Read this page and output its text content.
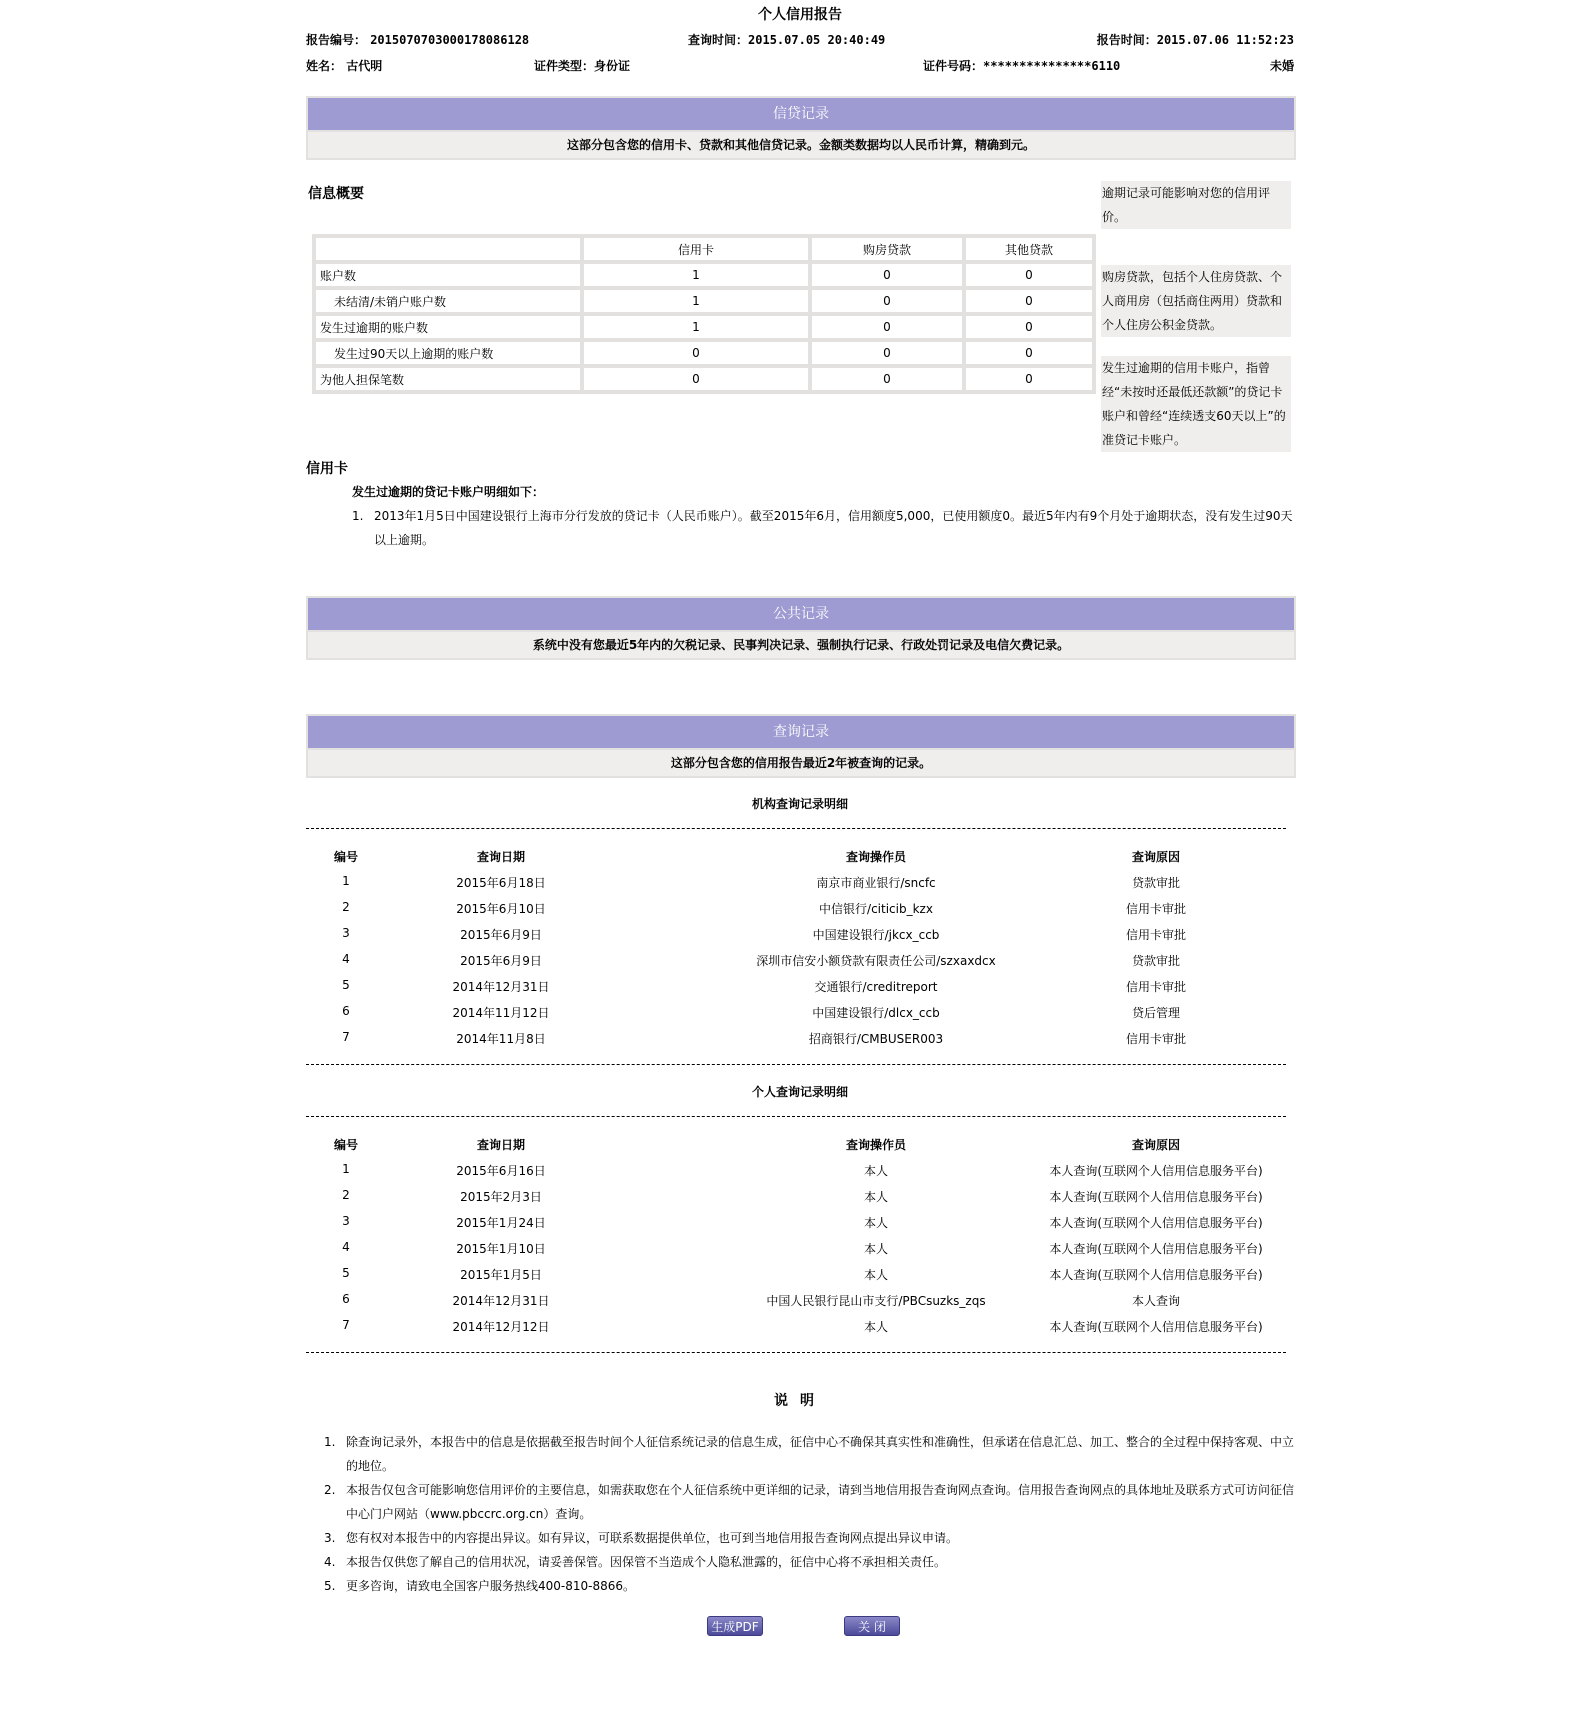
个人信用报告
报告编号： 2015070703000178086128	查询时间：2015.07.05 20:40:49	报告时间：2015.07.06 11:52:23
姓名： 古代明	证件类型：身份证	证件号码：***************6110	未婚
信贷记录
这部分包含您的信用卡、贷款和其他信贷记录。金额类数据均以人民币计算，精确到元。
信息概要
	信用卡	购房贷款	其他贷款
账户数	1	0	0
未结清/未销户账户数	1	0	0
发生过逾期的账户数	1	0	0
发生过90天以上逾期的账户数	0	0	0
为他人担保笔数	0	0	0
逾期记录可能影响对您的信用评价。
购房贷款，包括个人住房贷款、个人商用房（包括商住两用）贷款和个人住房公积金贷款。
发生过逾期的信用卡账户，指曾经“未按时还最低还款额”的贷记卡账户和曾经“连续透支60天以上”的准贷记卡账户。
信用卡
发生过逾期的贷记卡账户明细如下：
1. 2013年1月5日中国建设银行上海市分行发放的贷记卡（人民币账户）。截至2015年6月，信用额度5,000，已使用额度0。最近5年内有9个月处于逾期状态，没有发生过90天以上逾期。
公共记录
系统中没有您最近5年内的欠税记录、民事判决记录、强制执行记录、行政处罚记录及电信欠费记录。
查询记录
这部分包含您的信用报告最近2年被查询的记录。
机构查询记录明细
编号	查询日期	查询操作员	查询原因
1	2015年6月18日	南京市商业银行/sncfc	贷款审批
2	2015年6月10日	中信银行/citicib_kzx	信用卡审批
3	2015年6月9日	中国建设银行/jkcx_ccb	信用卡审批
4	2015年6月9日	深圳市信安小额贷款有限责任公司/szxaxdcx	贷款审批
5	2014年12月31日	交通银行/creditreport	信用卡审批
6	2014年11月12日	中国建设银行/dlcx_ccb	贷后管理
7	2014年11月8日	招商银行/CMBUSER003	信用卡审批
个人查询记录明细
编号	查询日期	查询操作员	查询原因
1	2015年6月16日	本人	本人查询(互联网个人信用信息服务平台)
2	2015年2月3日	本人	本人查询(互联网个人信用信息服务平台)
3	2015年1月24日	本人	本人查询(互联网个人信用信息服务平台)
4	2015年1月10日	本人	本人查询(互联网个人信用信息服务平台)
5	2015年1月5日	本人	本人查询(互联网个人信用信息服务平台)
6	2014年12月31日	中国人民银行昆山市支行/PBCsuzks_zqs	本人查询
7	2014年12月12日	本人	本人查询(互联网个人信用信息服务平台)
说明
1. 除查询记录外，本报告中的信息是依据截至报告时间个人征信系统记录的信息生成，征信中心不确保其真实性和准确性，但承诺在信息汇总、加工、整合的全过程中保持客观、中立的地位。
2. 本报告仅包含可能影响您信用评价的主要信息，如需获取您在个人征信系统中更详细的记录，请到当地信用报告查询网点查询。信用报告查询网点的具体地址及联系方式可访问征信中心门户网站（www.pbccrc.org.cn）查询。
3. 您有权对本报告中的内容提出异议。如有异议，可联系数据提供单位，也可到当地信用报告查询网点提出异议申请。
4. 本报告仅供您了解自己的信用状况，请妥善保管。因保管不当造成个人隐私泄露的，征信中心将不承担相关责任。
5. 更多咨询，请致电全国客户服务热线400-810-8866。
生成PDF	关 闭
